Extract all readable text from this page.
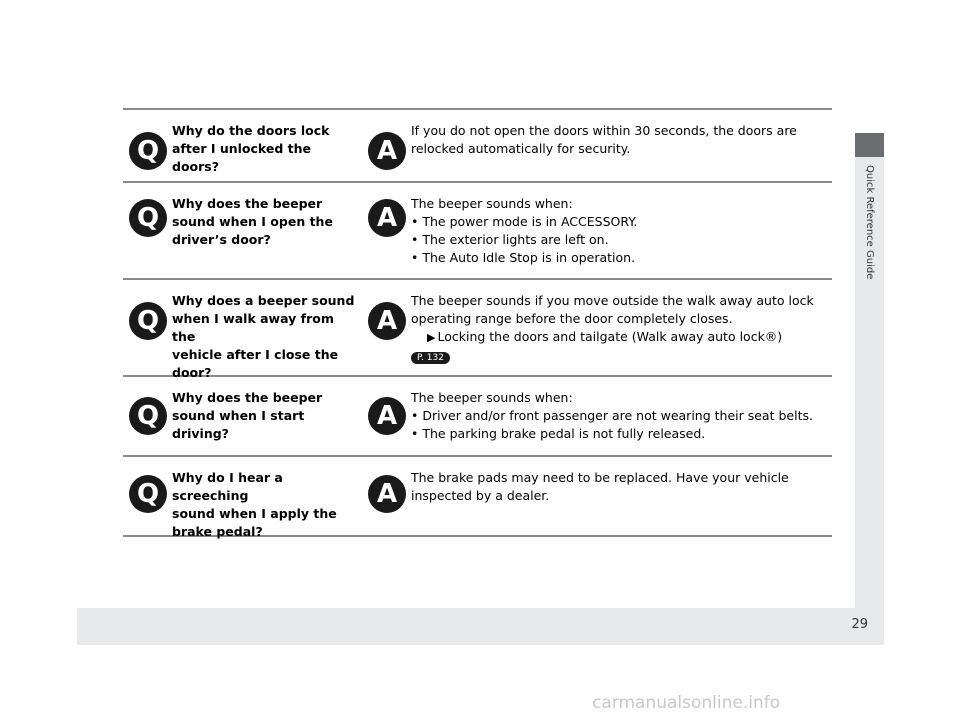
Quick Reference Guide
Q
Why do the doors lock
after I unlocked the doors?
A
If you do not open the doors within 30 seconds, the doors are
relocked automatically for security.
Q	Why does the beeper
sound when I open the
driver’s door?
A	The beeper sounds when:
• The power mode is in ACCESSORY.
• The exterior lights are left on.
• The Auto Idle Stop is in operation.
Q
Why does a beeper sound
when I walk away from the
vehicle after I close the
door?
A
The beeper sounds if you move outside the walk away auto lock
operating range before the door completely closes.
▶ Locking the doors and tailgate (Walk away auto lock®)
P. 132
Q
Why does the beeper
sound when I start driving?
A
The beeper sounds when:
• Driver and/or front passenger are not wearing their seat belts.
• The parking brake pedal is not fully released.
Q
Why do I hear a screeching
sound when I apply the
brake pedal?
A
The brake pads may need to be replaced. Have your vehicle
inspected by a dealer.
29
carmanualsonline.info
